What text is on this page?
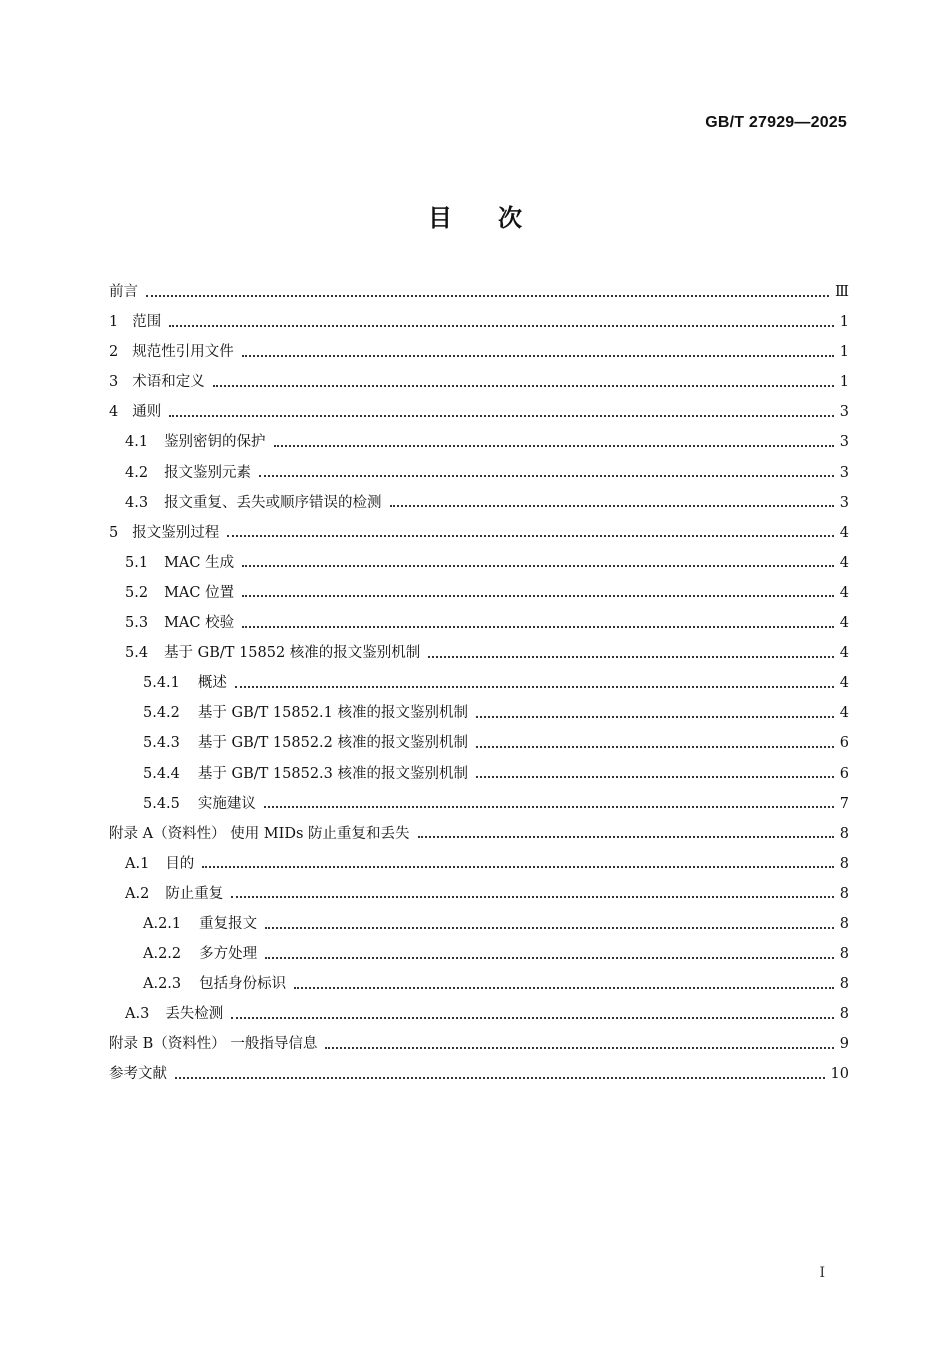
GB/T 27929—2025
目次
前言	Ⅲ
1 范围	1
2 规范性引用文件	1
3 术语和定义	1
4 通则	3
4.1 鉴别密钥的保护	3
4.2 报文鉴别元素	3
4.3 报文重复、丢失或顺序错误的检测	3
5 报文鉴别过程	4
5.1 MAC 生成	4
5.2 MAC 位置	4
5.3 MAC 校验	4
5.4 基于 GB/T 15852 核准的报文鉴别机制	4
5.4.1 概述	4
5.4.2 基于 GB/T 15852.1 核准的报文鉴别机制	4
5.4.3 基于 GB/T 15852.2 核准的报文鉴别机制	6
5.4.4 基于 GB/T 15852.3 核准的报文鉴别机制	6
5.4.5 实施建议	7
附录 A（资料性） 使用 MIDs 防止重复和丢失	8
A.1 目的	8
A.2 防止重复	8
A.2.1 重复报文	8
A.2.2 多方处理	8
A.2.3 包括身份标识	8
A.3 丢失检测	8
附录 B（资料性） 一般指导信息	9
参考文献	10
Ⅰ
